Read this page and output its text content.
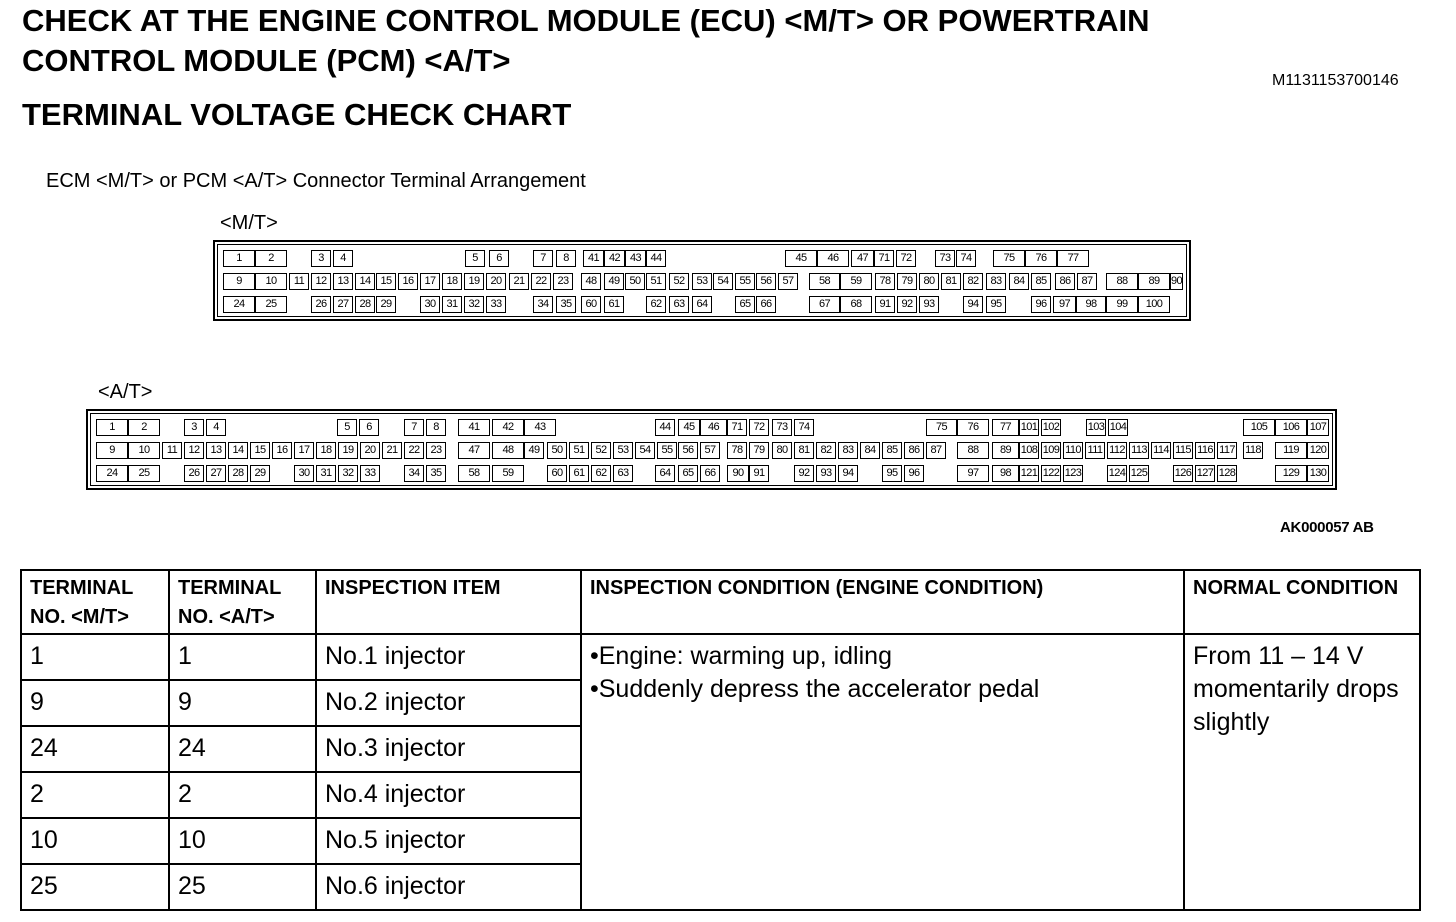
CHECK AT THE ENGINE CONTROL MODULE (ECU) <M/T> OR POWERTRAIN
CONTROL MODULE (PCM) <A/T>
M1131153700146
TERMINAL VOLTAGE CHECK CHART
ECM <M/T> or PCM <A/T> Connector Terminal Arrangement
<M/T>
1	2	3	4	5	6	7	8	41 42 43 44	45	46	47 71 72	73 74	75	76	77
9	10	11	12 13 14 15 16 17 18 19 20	21 22 23	48	49 50 51	52	53 54 55 56 57	58	59	78 79 80 81 82	83	84 85	86 87	88	89	90
24	25	26 27 28 29	30 31 32 33	34	35	60	61	62	63	64	65 66	67	68	91 92 93	94	95	96	97	98	99	100
<A/T>
1	2	3	4	5	6	7	8	41	42	43	44	45	46	71 72	73 74	75	76	77 101 102	103 104	105	106 107
9	10	11	12 13 14 15 16 17 18 19 20 21 22 23	47	48	49	50 51 52 53 54 55 56 57	78 79	80 81 82 83 84 85 86 87	88	89 108 109 110 111 112 113 114 115 116 117 118	119 120
24	25	26 27 28 29	30 31 32 33	34 35	58	59	60 61 62 63	64	65 66	90 91	92 93 94	95 96	97	98 121 122 123 124 125 126 127 128	129 130
AK000057 AB
TERMINAL NO. <M/T>	TERMINAL NO. <A/T>	INSPECTION ITEM	INSPECTION CONDITION (ENGINE CONDITION)	NORMAL CONDITION
1	1	No.1 injector	•Engine: warming up, idling
•Suddenly depress the accelerator pedal	From 11 – 14 V momentarily drops slightly
9	9	No.2 injector		
24	24	No.3 injector		
2	2	No.4 injector		
10	10	No.5 injector		
25	25	No.6 injector		
